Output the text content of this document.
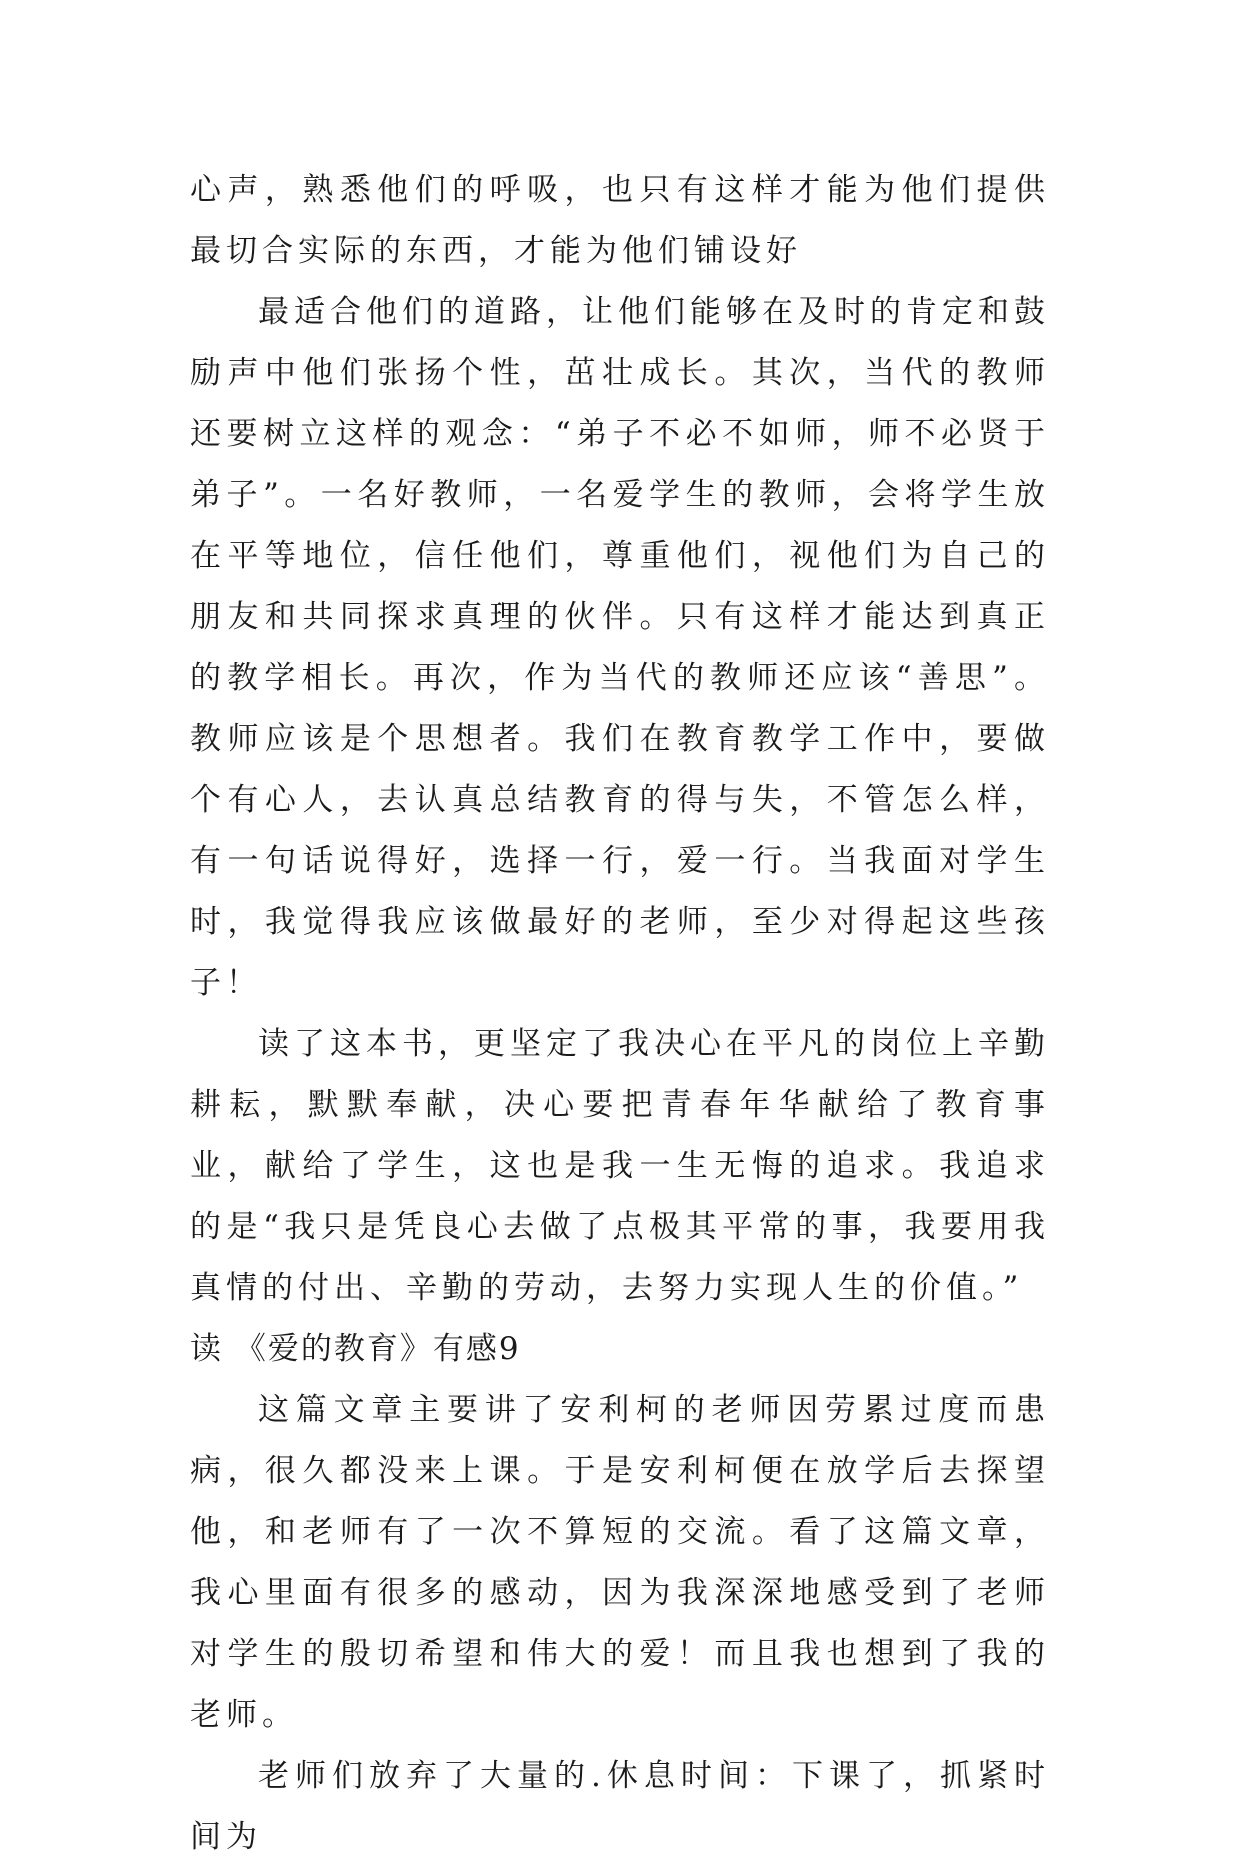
心声，熟悉他们的呼吸，也只有这样才能为他们提供最切合实际的东西，才能为他们铺设好

最适合他们的道路，让他们能够在及时的肯定和鼓励声中他们张扬个性，茁壮成长。其次，当代的教师还要树立这样的观念：“弟子不必不如师，师不必贤于弟子”。一名好教师，一名爱学生的教师，会将学生放在平等地位，信任他们，尊重他们，视他们为自己的朋友和共同探求真理的伙伴。只有这样才能达到真正的教学相长。再次，作为当代的教师还应该“善思”。教师应该是个思想者。我们在教育教学工作中，要做个有心人，去认真总结教育的得与失，不管怎么样，有一句话说得好，选择一行，爱一行。当我面对学生时，我觉得我应该做最好的老师，至少对得起这些孩子！

读了这本书，更坚定了我决心在平凡的岗位上辛勤耕耘，默默奉献，决心要把青春年华献给了教育事业，献给了学生，这也是我一生无悔的追求。我追求的是“我只是凭良心去做了点极其平常的事，我要用我真情的付出、辛勤的劳动，去努力实现人生的价值。”

读 《爱的教育》有感9

这篇文章主要讲了安利柯的老师因劳累过度而患病，很久都没来上课。于是安利柯便在放学后去探望他，和老师有了一次不算短的交流。看了这篇文章，我心里面有很多的感动，因为我深深地感受到了老师对学生的殷切希望和伟大的爱！而且我也想到了我的老师。

老师们放弃了大量的.休息时间：下课了，抓紧时间为
